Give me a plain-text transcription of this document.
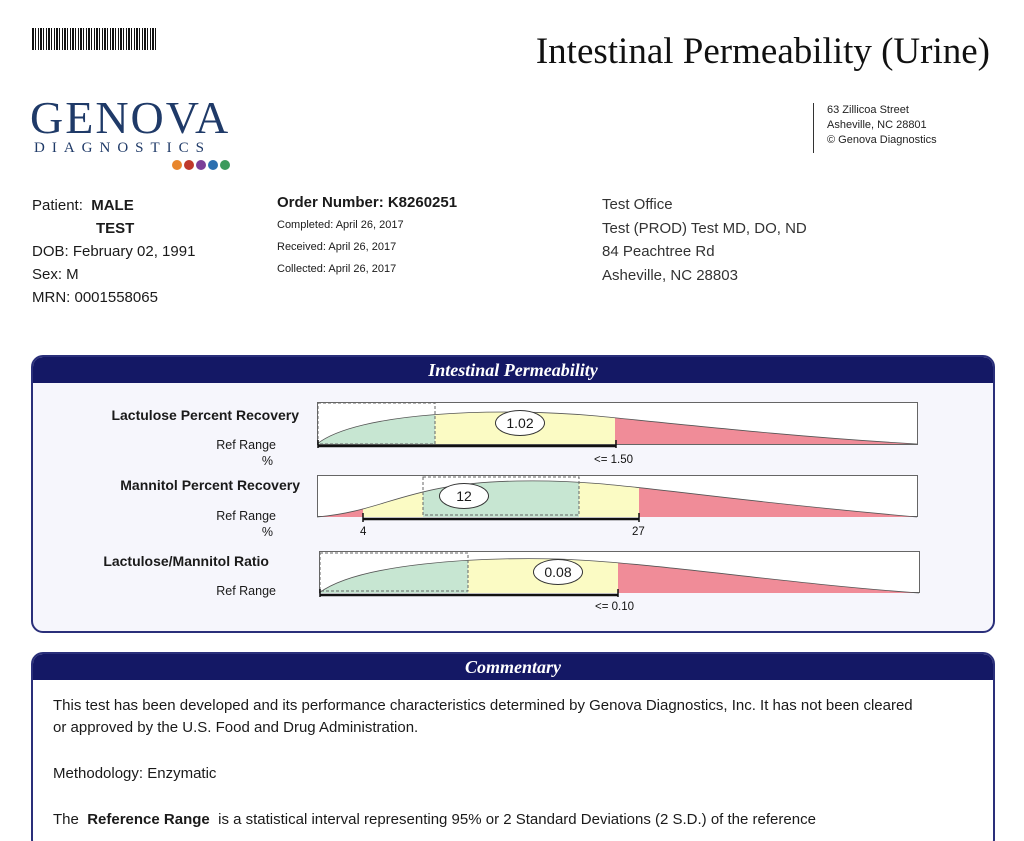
Intestinal Permeability (Urine)
GENOVA
DIAGNOSTICS
63 Zillicoa Street
Asheville, NC 28801
© Genova Diagnostics
Patient: MALE
TEST
DOB: February 02, 1991
Sex: M
MRN: 0001558065
Order Number: K8260251
Completed: April 26, 2017
Received: April 26, 2017
Collected: April 26, 2017
Test Office
Test (PROD) Test MD, DO, ND
84 Peachtree Rd
Asheville, NC 28803
Intestinal Permeability
Lactulose Percent Recovery
Ref Range
%
1.02
<= 1.50
Mannitol Percent Recovery
Ref Range
%
12
4	27
Lactulose/Mannitol Ratio
Ref Range
0.08
<= 0.10
Commentary

This test has been developed and its performance characteristics determined by Genova Diagnostics, Inc. It has not been cleared or approved by the U.S. Food and Drug Administration.

Methodology: Enzymatic

The Reference Range is a statistical interval representing 95% or 2 Standard Deviations (2 S.D.) of the reference
